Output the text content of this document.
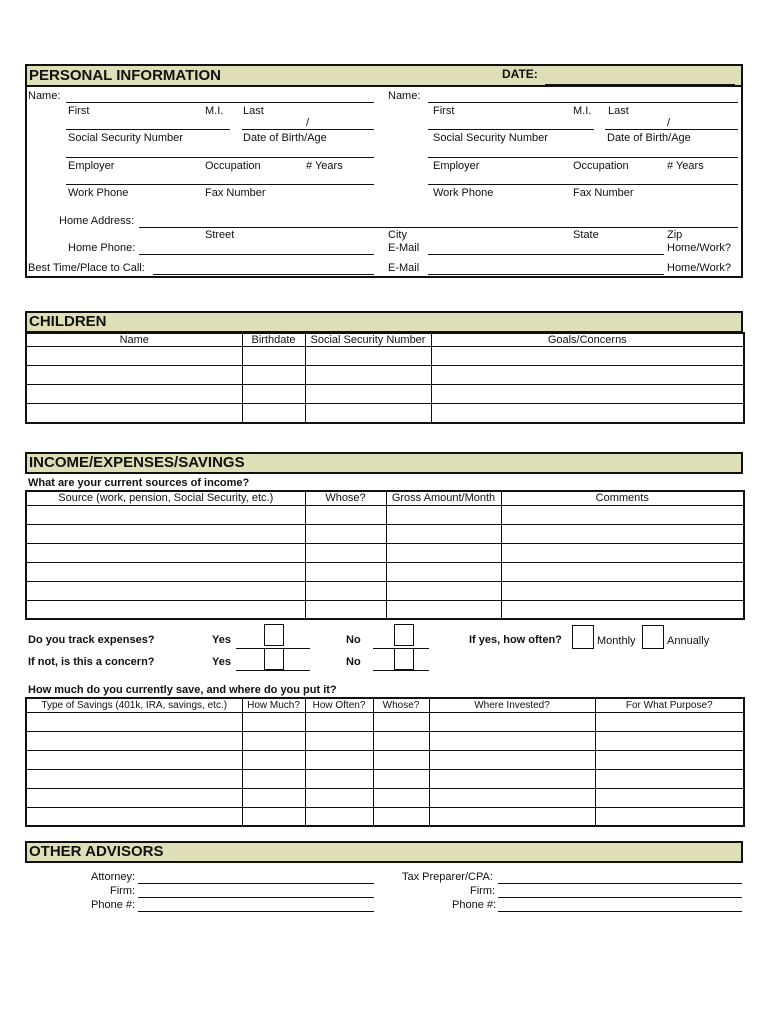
PERSONAL INFORMATION	DATE:
Name:
First	M.I. Last
/
Social Security Number	Date of Birth/Age
Employer	Occupation	# Years
Work Phone	Fax Number
Name:
First	M.I. Last
/
Social Security Number	Date of Birth/Age
Employer	Occupation	# Years
Work Phone	Fax Number
Home Address:
Street	City	State	Zip
Home Phone:	E-Mail	Home/Work?
Best Time/Place to Call:	E-Mail	Home/Work?
CHILDREN
Name	Birthdate	Social Security Number	Goals/Concerns

INCOME/EXPENSES/SAVINGS
What are your current sources of income?
Source (work, pension, Social Security, etc.)	Whose?	Gross Amount/Month	Comments

Do you track expenses?	Yes	No	If yes, how often?	Monthly	Annually
If not, is this a concern?	Yes	No
How much do you currently save, and where do you put it?
Type of Savings (401k, IRA, savings, etc.)	How Much?	How Often?	Whose?	Where Invested?	For What Purpose?

OTHER ADVISORS
Attorney:
Firm:
Phone #:
Tax Preparer/CPA:
Firm:
Phone #:
